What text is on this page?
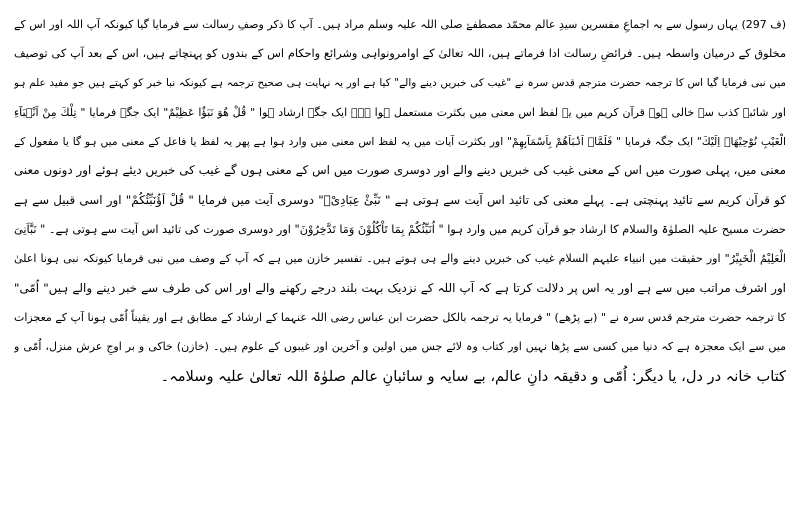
(ف 297) یہاں رسول سے بہ اجماعِ مفسرین سیدِ عالم محمّد مصطفےٰ صلی اللہ علیہ وسلم مراد ہیں۔ آپ کا ذکر وصفِ رسالت سے فرمایا گیا کیونکہ آپ اللہ اور اس کے
مخلوق کے درمیان واسطہ ہیں۔ فرائضِ رسالت ادا فرماتے ہیں، اللہ تعالیٰ کے اوامرونواہی وشرائع واحکام اس کے بندوں کو پہنچاتے ہیں، اس کے بعد آپ کی توصیف
میں نبی فرمایا گیا اس کا ترجمہ حضرت مترجم قدس سرہ نے "غیب کی خبریں دینے والے" کیا ہے اور یہ نہایت ہی صحیح ترجمہ ہے کیونکہ نبا خبر کو کہتے ہیں جو مفید علم ہو
اور شائبۂ کذب سے خالی ہو۔ قرآن کریم میں یہ لفظ اس معنی میں بکثرت مستعمل ہوا ہے۔ ایک جگہ ارشاد ہوا " قُلْ هُوَ نَبَؤٌا عَظِیْمٌ" ایک جگہ فرمایا " تِلْكَ مِنْ اَنْۢبَآءِ
الْغَیْبِ نُوْحِیْهَاۤ اِلَیْكَ" ایک جگہ فرمایا " فَلَمَّاۤ اَنْۢبَاَهُمْ بِاَسْمَآىٕهِمْ" اور بکثرت آیات میں یہ لفظ اس معنی میں وارد ہوا ہے پھر یہ لفظ یا فاعل کے معنی میں ہو گا یا مفعول کے
معنی میں، پہلی صورت میں اس کے معنی غیب کی خبریں دینے والے اور دوسری صورت میں اس کے معنی ہوں گے غیب کی خبریں دیئے ہوئے اور دونوں معنی
کو قرآن کریم سے تائید پہنچتی ہے۔ پہلے معنی کی تائید اس آیت سے ہوتی ہے " نَبِّئْ عِبَادِیْۤ" دوسری آیت میں فرمایا " قُلْ اَؤُنَبِّئُكُمْ" اور اسی قبیل سے ہے
حضرت مسیح علیہ الصلوٰۃ والسلام کا ارشاد جو قرآن کریم میں وارد ہوا " اُنَبِّئُكُمْ بِمَا تَاْكُلُوْنَ وَمَا تَدَّخِرُوْنَ" اور دوسری صورت کی تائید اس آیت سے ہوتی ہے۔ " نَبَّاَنِیَ
الْعَلِیْمُ الْخَبِیْرُ" اور حقیقت میں انبیاء علیہم السلام غیب کی خبریں دینے والے ہی ہوتے ہیں۔ تفسیر خازن میں ہے کہ آپ کے وصف میں نبی فرمایا کیونکہ نبی ہونا اعلیٰ
اور اشرف مراتب میں سے ہے اور یہ اس پر دلالت کرتا ہے کہ آپ اللہ کے نزدیک بہت بلند درجے رکھنے والے اور اس کی طرف سے خبر دینے والے ہیں" اُمّی"
کا ترجمہ حضرت مترجم قدس سرہ نے " (بے پڑھے) " فرمایا یہ ترجمہ بالکل حضرت ابن عباس رضی اللہ عنہما کے ارشاد کے مطابق ہے اور یقیناً اُمّی ہونا آپ کے معجزات
میں سے ایک معجزہ ہے کہ دنیا میں کسی سے پڑھا نہیں اور کتاب وہ لائے جس میں اولین و آخرین اور غیبوں کے علوم ہیں۔ (خازن) خاکی و بر اوجِ عرش منزل، اُمّی و
کتاب خانہ در دل، یا دیگر: اُمّی و دقیقہ دانِ عالم، بے سایہ و سائبانِ عالم صلوٰۃ اللہ تعالیٰ علیہ وسلامہ۔
